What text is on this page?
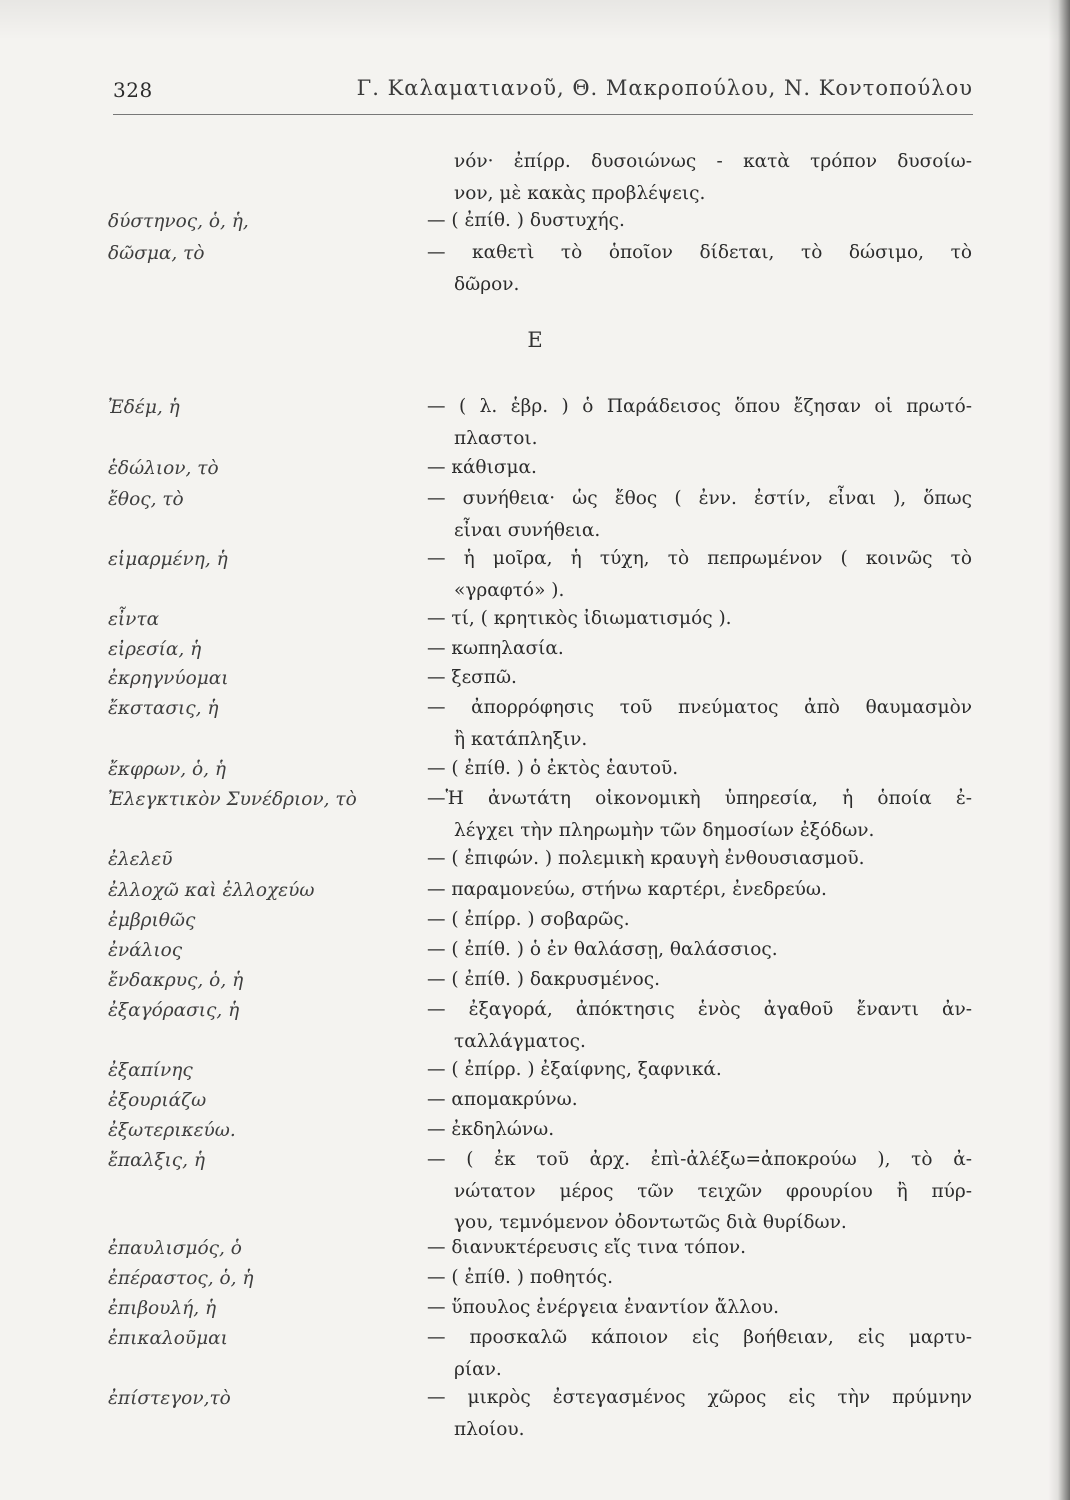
328	Γ. Καλαματιανοῦ, Θ. Μακροπούλου, Ν. Κοντοπούλου
Ε
νόν· ἐπίρρ. δυσοιώνως - κατὰ τρόπον δυσοίω-
νον, μὲ κακὰς προβλέψεις.
δύστηνος, ὁ, ἡ,	— ( ἐπίθ. ) δυστυχής.
δῶσμα, τὸ	— καθετὶ τὸ ὁποῖον δίδεται, τὸ δώσιμο, τὸ
δῶρον.
Ἐδέμ, ἡ	— ( λ. ἑβρ. ) ὁ Παράδεισος ὅπου ἔζησαν οἱ πρωτό-
πλαστοι.
ἑδώλιον, τὸ	— κάθισμα.
ἔθος, τὸ	— συνήθεια· ὡς ἔθος ( ἐνν. ἐστίν, εἶναι ), ὅπως
εἶναι συνήθεια.
εἱμαρμένη, ἡ	— ἡ μοῖρα, ἡ τύχη, τὸ πεπρωμένον ( κοινῶς τὸ
«γραφτό» ).
εἶντα	— τί, ( κρητικὸς ἰδιωματισμός ).
εἰρεσία, ἡ	— κωπηλασία.
ἐκρηγνύομαι	— ξεσπῶ.
ἔκστασις, ἡ	— ἀπορρόφησις τοῦ πνεύματος ἀπὸ θαυμασμὸν
ἢ κατάπληξιν.
ἔκφρων, ὁ, ἡ	— ( ἐπίθ. ) ὁ ἐκτὸς ἑαυτοῦ.
Ἐλεγκτικὸν Συνέδριον, τὸ	—Ἡ ἀνωτάτη οἰκονομικὴ ὑπηρεσία, ἡ ὁποία ἐ-
λέγχει τὴν πληρωμὴν τῶν δημοσίων ἐξόδων.
ἐλελεῦ	— ( ἐπιφών. ) πολεμικὴ κραυγὴ ἐνθουσιασμοῦ.
ἐλλοχῶ καὶ ἐλλοχεύω	— παραμονεύω, στήνω καρτέρι, ἐνεδρεύω.
ἐμβριθῶς	— ( ἐπίρρ. ) σοβαρῶς.
ἐνάλιος	— ( ἐπίθ. ) ὁ ἐν θαλάσσῃ, θαλάσσιος.
ἔνδακρυς, ὁ, ἡ	— ( ἐπίθ. ) δακρυσμένος.
ἐξαγόρασις, ἡ	— ἐξαγορά, ἀπόκτησις ἑνὸς ἀγαθοῦ ἔναντι ἀν-
ταλλάγματος.
ἐξαπίνης	— ( ἐπίρρ. ) ἐξαίφνης, ξαφνικά.
ἐξουριάζω	— απομακρύνω.
ἐξωτερικεύω.	— ἐκδηλώνω.
ἔπαλξις, ἡ	— ( ἐκ τοῦ ἀρχ. ἐπὶ-ἀλέξω=ἀποκρούω ), τὸ ἀ-
νώτατον μέρος τῶν τειχῶν φρουρίου ἢ πύρ-
γου, τεμνόμενον ὀδοντωτῶς διὰ θυρίδων.
ἐπαυλισμός, ὁ	— διανυκτέρευσις εἴς τινα τόπον.
ἐπέραστος, ὁ, ἡ	— ( ἐπίθ. ) ποθητός.
ἐπιβουλή, ἡ	— ὕπουλος ἐνέργεια ἐναντίον ἄλλου.
ἐπικαλοῦμαι	— προσκαλῶ κάποιον εἰς βοήθειαν, εἰς μαρτυ-
ρίαν.
ἐπίστεγον,τὸ	— μικρὸς ἐστεγασμένος χῶρος εἰς τὴν πρύμνην
πλοίου.
